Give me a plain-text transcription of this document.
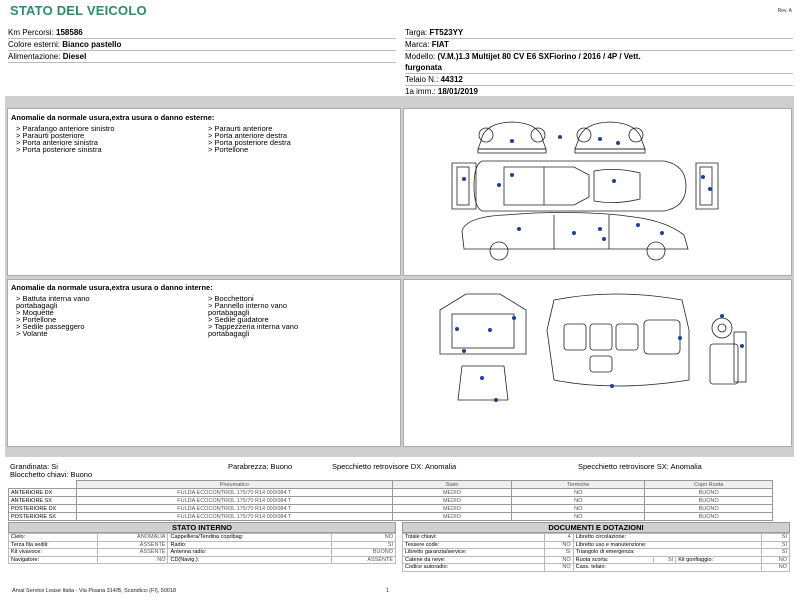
STATO DEL VEICOLO	Rev. A
Km Percorsi: 158586
Colore esterni: Bianco pastello
Alimentazione: Diesel
Targa: FT523YY
Marca: FIAT
Modello: (V.M.)1.3 Multijet 80 CV E6 SXFiorino / 2016 / 4P / Vett.
furgonata
Telaio N.: 44312
1a imm.: 18/01/2019
Anomalie da normale usura,extra usura o danno esterne:
> Parafango anteriore sinistro
> Paraurti posteriore
> Porta anteriore sinistra
> Porta posteriore sinistra
> Paraurti anteriore
> Porta anteriore destra
> Porta posteriore destra
> Portellone
Anomalie da normale usura,extra usura o danno interne:
> Battuta interna vano
portabagagli
> Moquette
> Portellone
> Sedile passeggero
> Volante
> Bocchettoni
> Pannello interno vano
portabagagli
> Sedile guidatore
> Tappezzeria interna vano
portabagagli
Grandinata: Si	Parabrezza: Buono	Specchietto retrovisore DX: Anomalia	Specchietto retrovisore SX: Anomalia
Blocchetto chiavi: Buono
	Pneumatico	Stato	Termiche	Copri Ruota
ANTERIORE DX	FULDA ECOCONTROL 175/70 R14 000/084 T	MEDIO	NO	BUONO
ANTERIORE SX	FULDA ECOCONTROL 175/70 R14 000/084 T	MEDIO	NO	BUONO
POSTERIORE DX	FULDA ECOCONTROL 175/70 R14 000/084 T	MEDIO	NO	BUONO
POSTERIORE SX	FULDA ECOCONTROL 175/70 R14 000/084 T	MEDIO	NO	BUONO
STATO INTERNO
Cielo:	ANOMALIA	Cappelliera/Tendina copribag:	NO
Terza fila sedili:	ASSENTE	Radio:	SI
Kit vivavoce:	ASSENTE	Antenna radio:	BUONO
Navigatore:	NO	CD(Navig.):	ASSENTE
DOCUMENTI E DOTAZIONI
Totale chiavi:	4	Libretto circolazione:			SI
Tessere code:	NO	Libretto uso e manutenzione:			SI
Libretto garanzia/service:	SI	Triangolo di emergenza:			SI
Catene da neve:	NO	Ruota scorta:	SI	Kit gonfiaggio:	NO
Codice autoradio:	NO	Cass. telaio:			NO
Arval Service Lease Italia - Via Pisana 314/B, Scandicci (FI), 50018	1
